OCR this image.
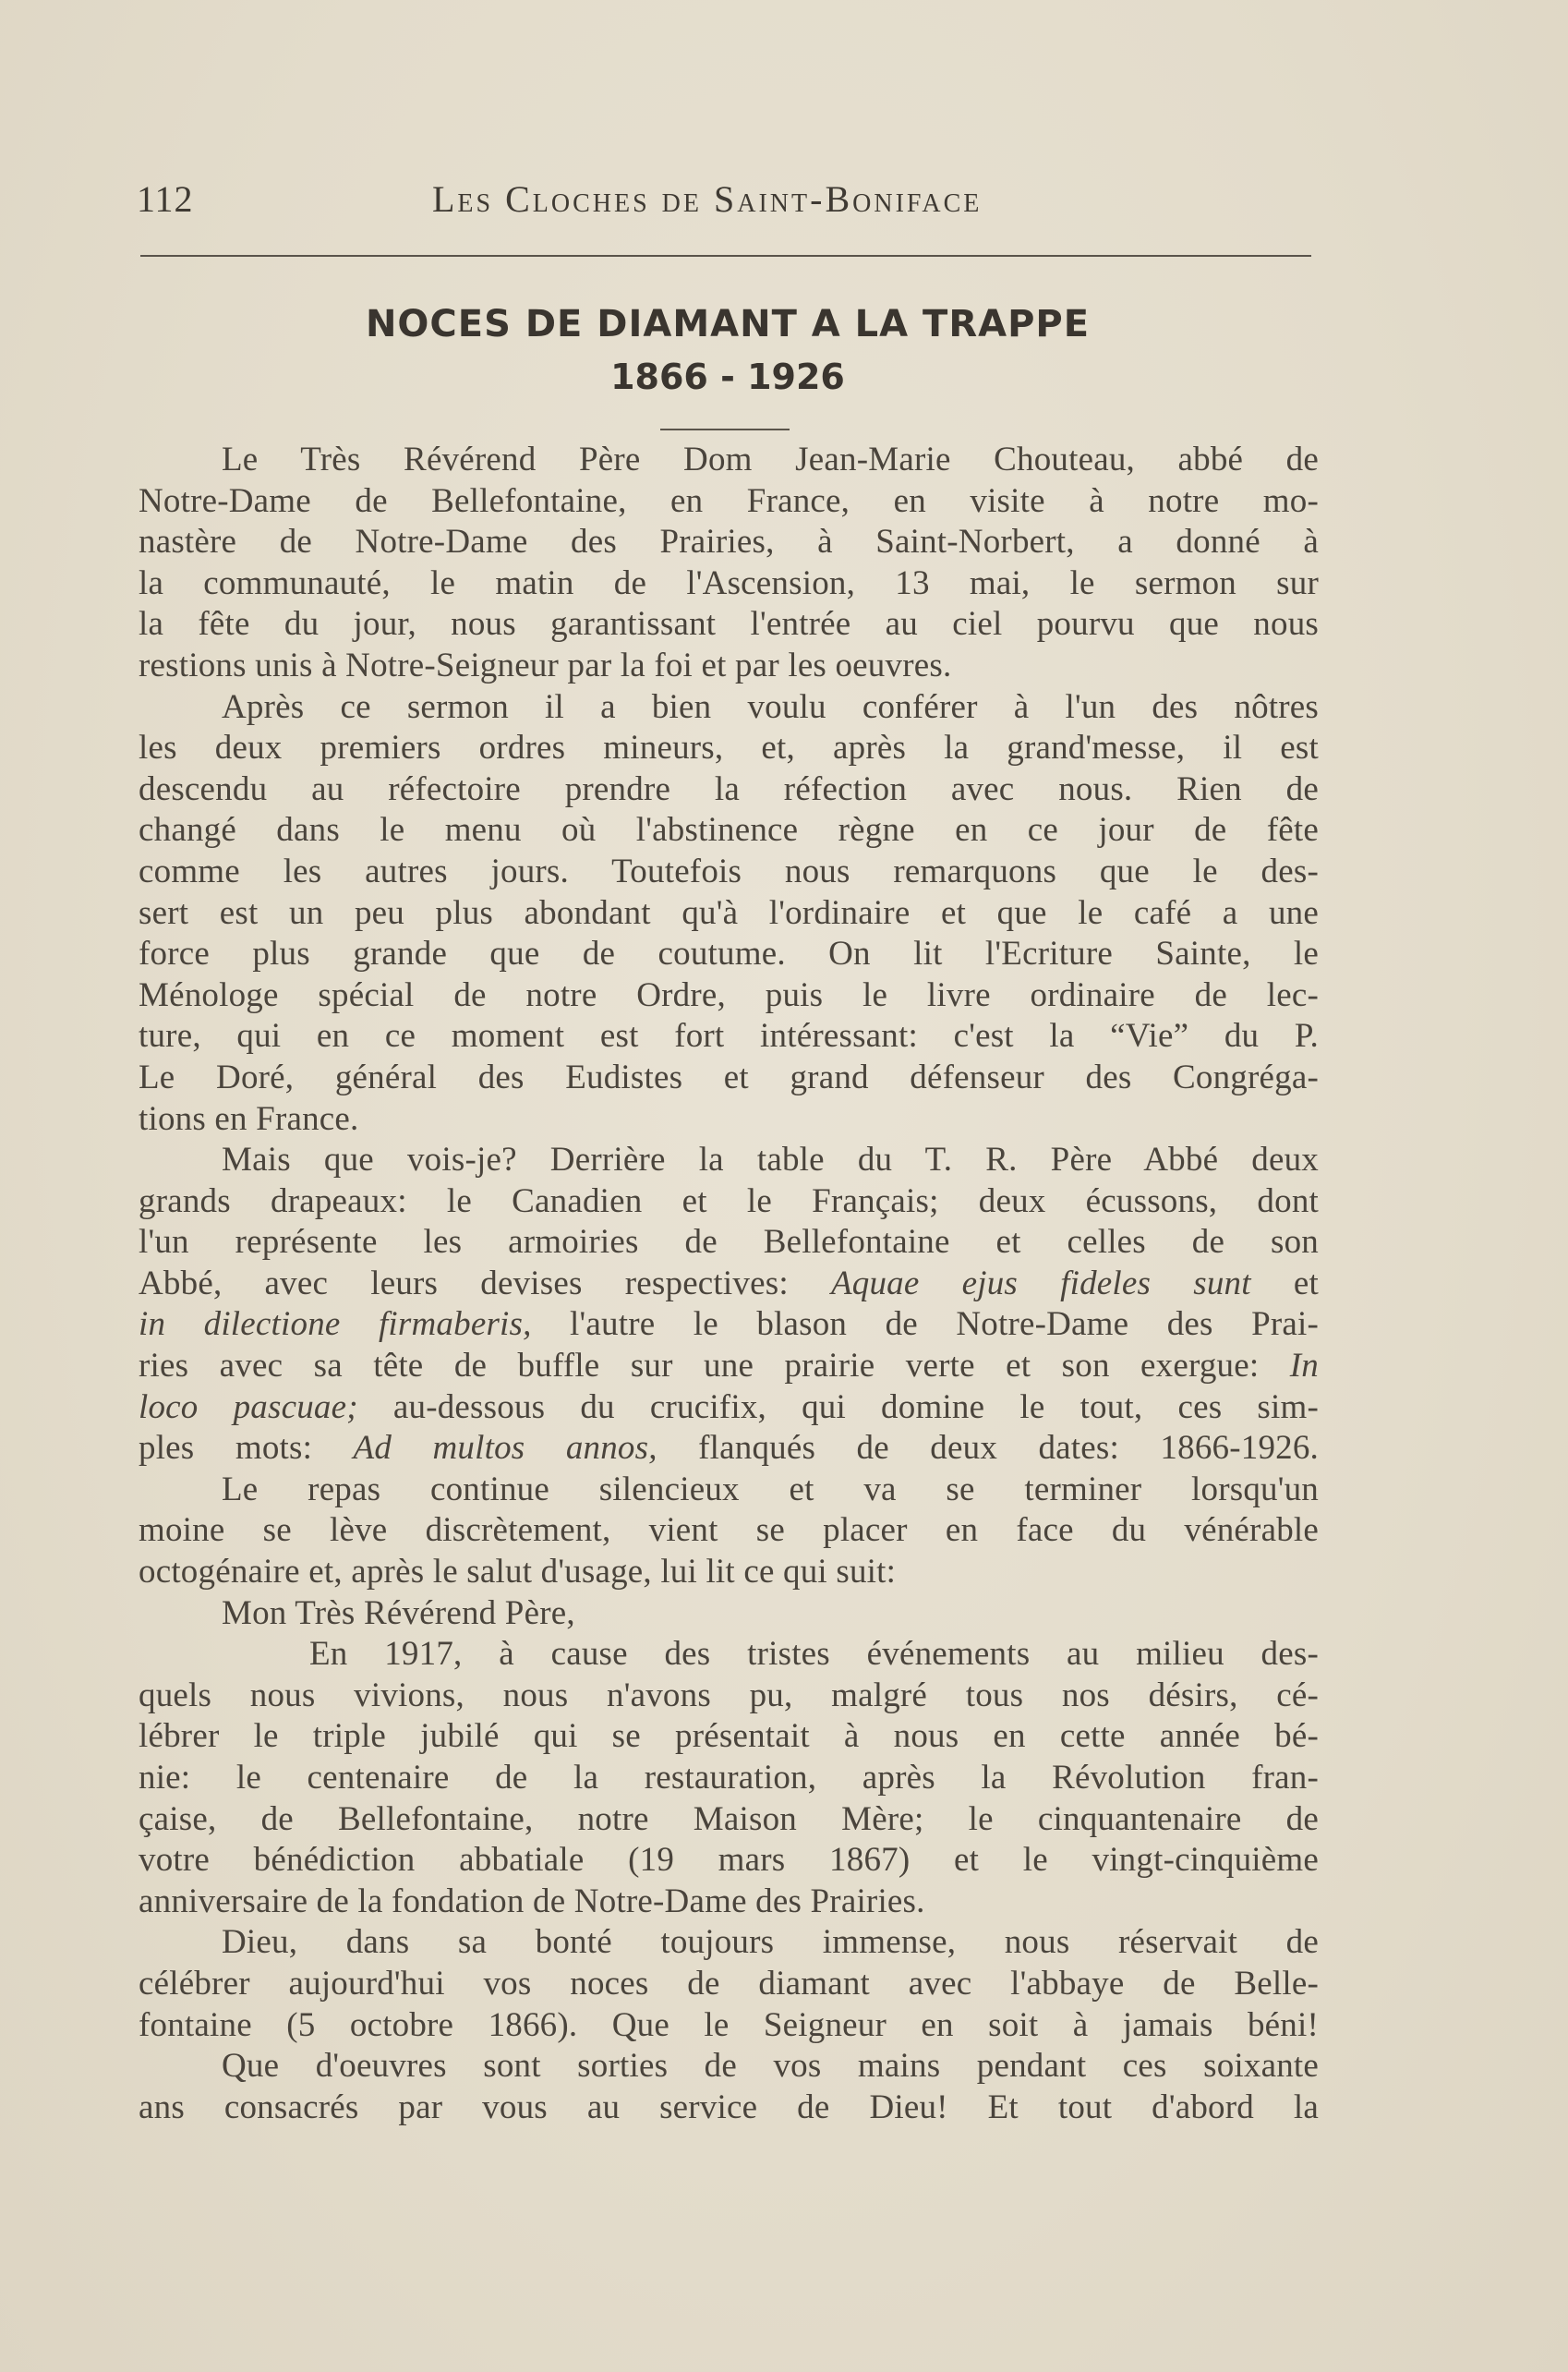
112	Les Cloches de Saint-Boniface
NOCES DE DIAMANT A LA TRAPPE
1866 - 1926
Le Très Révérend Père Dom Jean-Marie Chouteau, abbé de
Notre-Dame de Bellefontaine, en France, en visite à notre mo-
nastère de Notre-Dame des Prairies, à Saint-Norbert, a donné à
la communauté, le matin de l'Ascension, 13 mai, le sermon sur
la fête du jour, nous garantissant l'entrée au ciel pourvu que nous
restions unis à Notre-Seigneur par la foi et par les oeuvres.
Après ce sermon il a bien voulu conférer à l'un des nôtres
les deux premiers ordres mineurs, et, après la grand'messe, il est
descendu au réfectoire prendre la réfection avec nous. Rien de
changé dans le menu où l'abstinence règne en ce jour de fête
comme les autres jours. Toutefois nous remarquons que le des-
sert est un peu plus abondant qu'à l'ordinaire et que le café a une
force plus grande que de coutume. On lit l'Ecriture Sainte, le
Ménologe spécial de notre Ordre, puis le livre ordinaire de lec-
ture, qui en ce moment est fort intéressant: c'est la “Vie” du P.
Le Doré, général des Eudistes et grand défenseur des Congréga-
tions en France.
Mais que vois-je? Derrière la table du T. R. Père Abbé deux
grands drapeaux: le Canadien et le Français; deux écussons, dont
l'un représente les armoiries de Bellefontaine et celles de son
Abbé, avec leurs devises respectives: Aquae ejus fideles sunt et
in dilectione firmaberis, l'autre le blason de Notre-Dame des Prai-
ries avec sa tête de buffle sur une prairie verte et son exergue: In
loco pascuae; au-dessous du crucifix, qui domine le tout, ces sim-
ples mots: Ad multos annos, flanqués de deux dates: 1866-1926.
Le repas continue silencieux et va se terminer lorsqu'un
moine se lève discrètement, vient se placer en face du vénérable
octogénaire et, après le salut d'usage, lui lit ce qui suit:
Mon Très Révérend Père,
En 1917, à cause des tristes événements au milieu des-
quels nous vivions, nous n'avons pu, malgré tous nos désirs, cé-
lébrer le triple jubilé qui se présentait à nous en cette année bé-
nie: le centenaire de la restauration, après la Révolution fran-
çaise, de Bellefontaine, notre Maison Mère; le cinquantenaire de
votre bénédiction abbatiale (19 mars 1867) et le vingt-cinquième
anniversaire de la fondation de Notre-Dame des Prairies.
Dieu, dans sa bonté toujours immense, nous réservait de
célébrer aujourd'hui vos noces de diamant avec l'abbaye de Belle-
fontaine (5 octobre 1866). Que le Seigneur en soit à jamais béni!
Que d'oeuvres sont sorties de vos mains pendant ces soixante
ans consacrés par vous au service de Dieu! Et tout d'abord la
